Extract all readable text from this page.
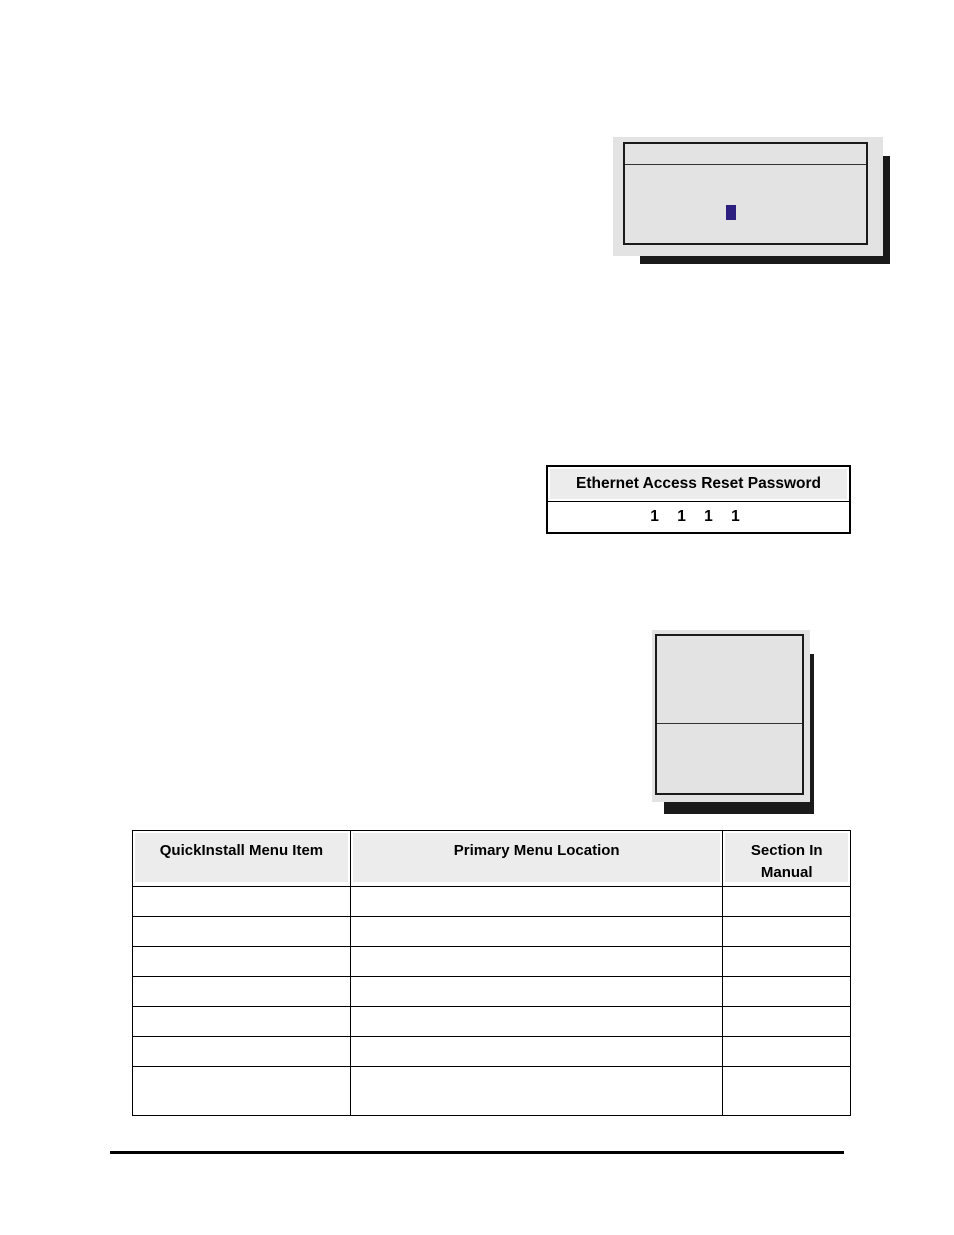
Ethernet Access Reset Password

1 1 1 1
QuickInstall Menu Item	Primary Menu Location	Section In Manual
